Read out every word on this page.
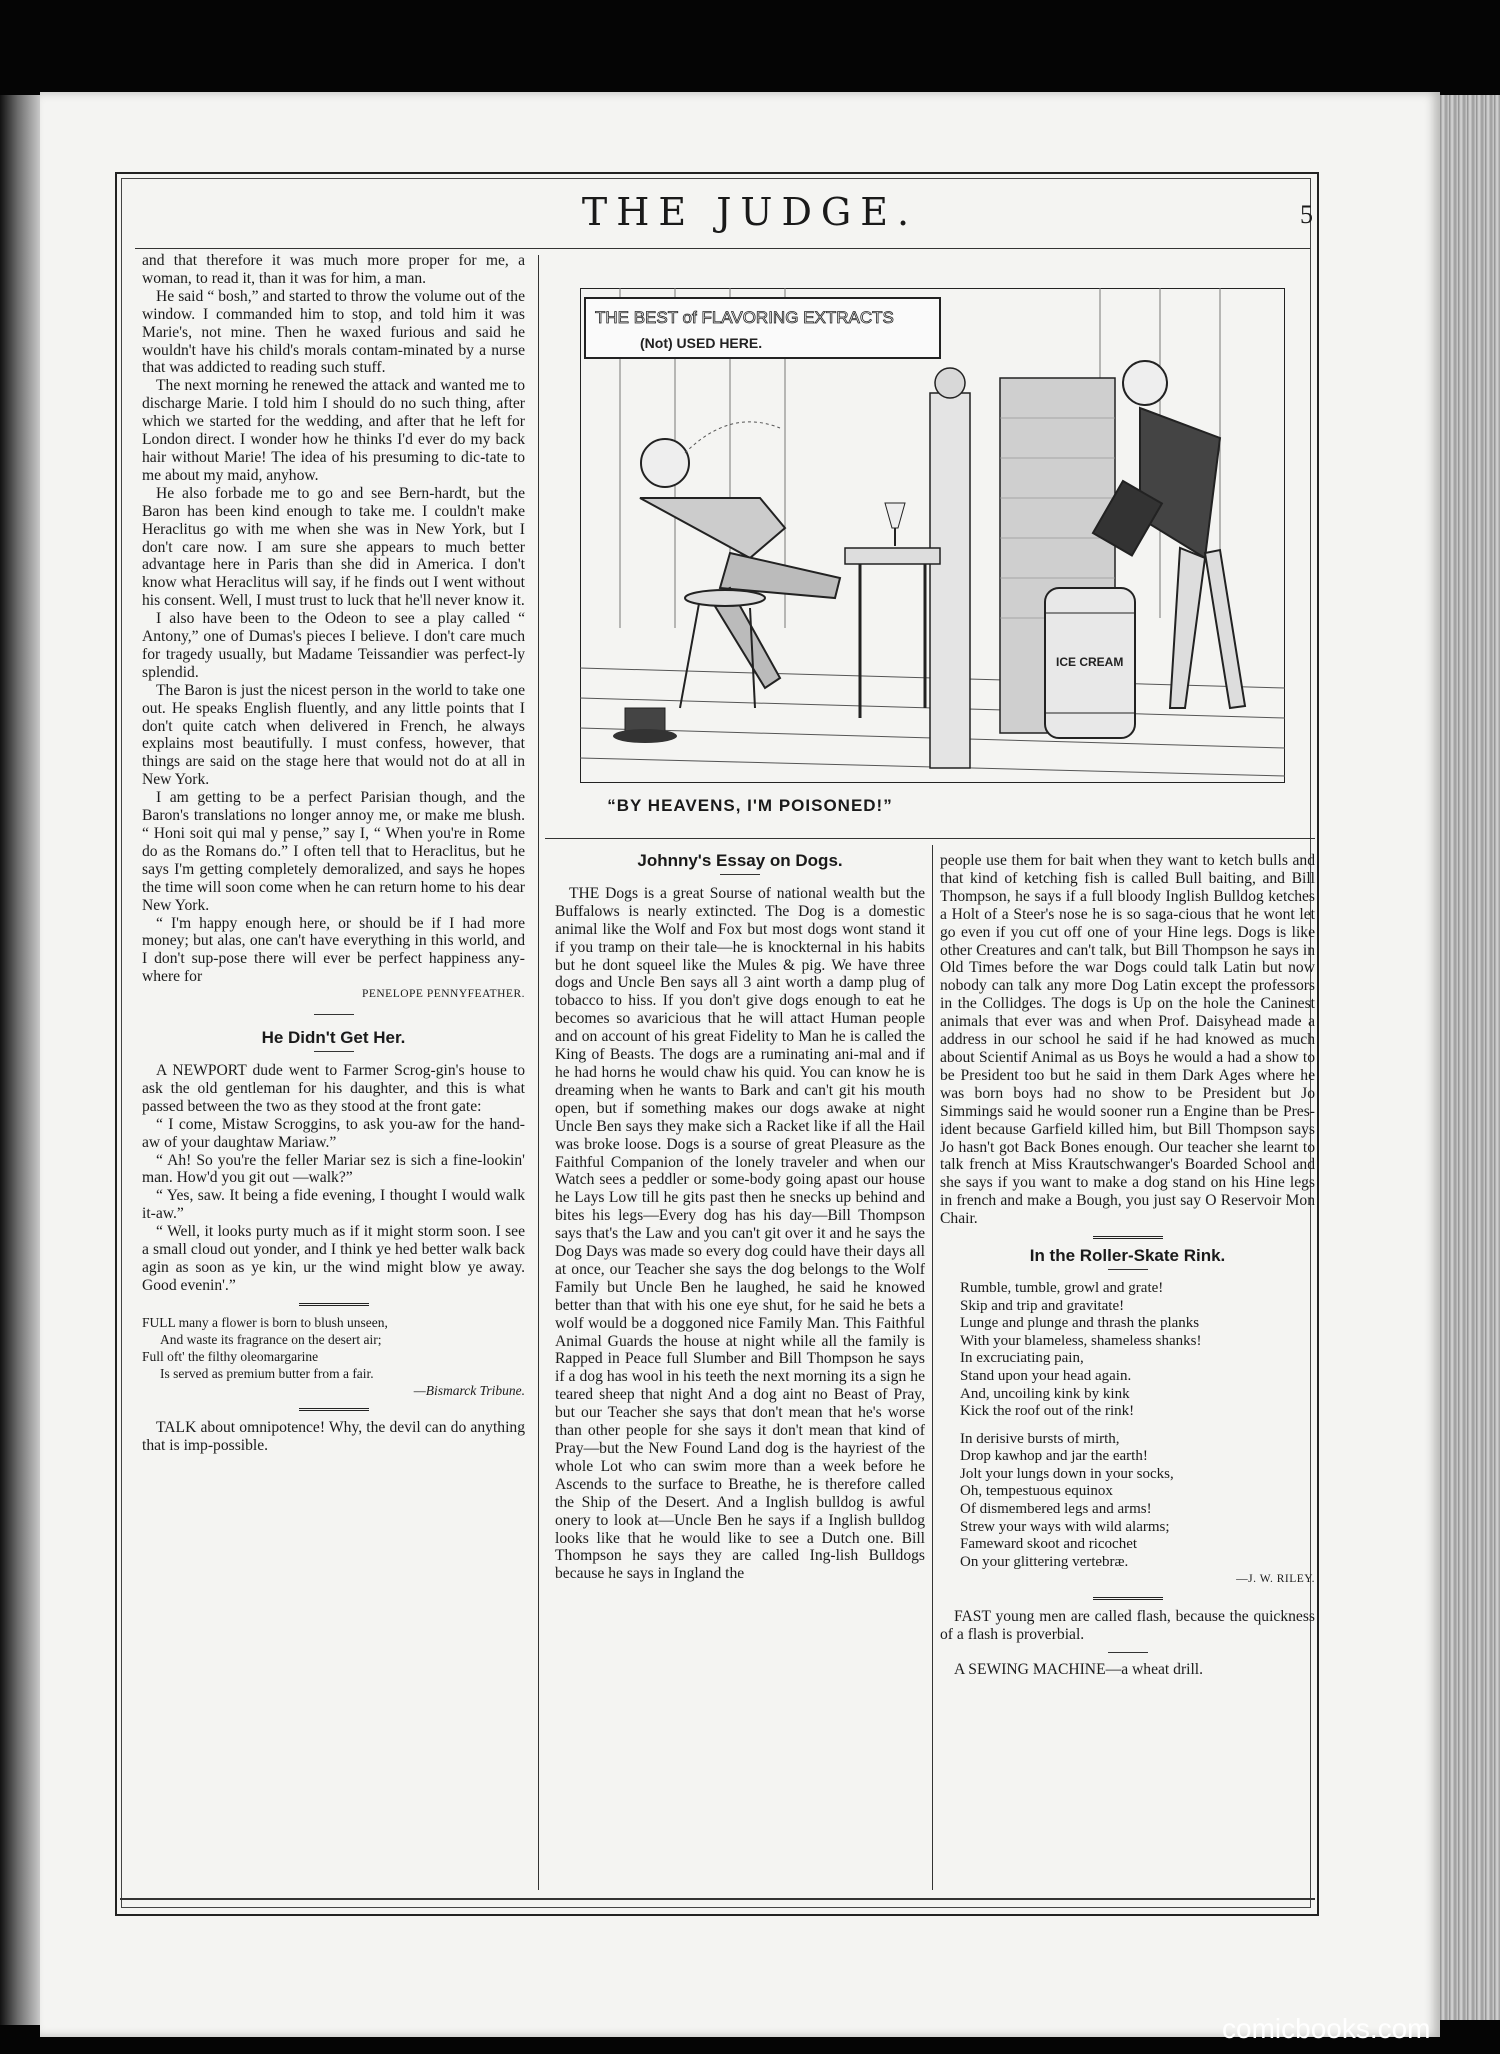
THE JUDGE.	5

and that therefore it was much more proper for me, a woman, to read it, than it was for him, a man.

He said “ bosh,” and started to throw the volume out of the window. I commanded him to stop, and told him it was Marie's, not mine. Then he waxed furious and said he wouldn't have his child's morals contam-minated by a nurse that was addicted to reading such stuff.

The next morning he renewed the attack and wanted me to discharge Marie. I told him I should do no such thing, after which we started for the wedding, and after that he left for London direct. I wonder how he thinks I'd ever do my back hair without Marie! The idea of his presuming to dic-tate to me about my maid, anyhow.

He also forbade me to go and see Bern-hardt, but the Baron has been kind enough to take me. I couldn't make Heraclitus go with me when she was in New York, but I don't care now. I am sure she appears to much better advantage here in Paris than she did in America. I don't know what Heraclitus will say, if he finds out I went without his consent. Well, I must trust to luck that he'll never know it.

I also have been to the Odeon to see a play called “ Antony,” one of Dumas's pieces I believe. I don't care much for tragedy usually, but Madame Teissandier was perfect-ly splendid.

The Baron is just the nicest person in the world to take one out. He speaks English fluently, and any little points that I don't quite catch when delivered in French, he always explains most beautifully. I must confess, however, that things are said on the stage here that would not do at all in New York.

I am getting to be a perfect Parisian though, and the Baron's translations no longer annoy me, or make me blush. “ Honi soit qui mal y pense,” say I, “ When you're in Rome do as the Romans do.” I often tell that to Heraclitus, but he says I'm getting completely demoralized, and says he hopes the time will soon come when he can return home to his dear New York.

“ I'm happy enough here, or should be if I had more money; but alas, one can't have everything in this world, and I don't sup-pose there will ever be perfect happiness any-where for

PENELOPE PENNYFEATHER.
He Didn't Get Her.

A NEWPORT dude went to Farmer Scrog-gin's house to ask the old gentleman for his daughter, and this is what passed between the two as they stood at the front gate:

“ I come, Mistaw Scroggins, to ask you-aw for the hand-aw of your daughtaw Mariaw.”

“ Ah! So you're the feller Mariar sez is sich a fine-lookin' man. How'd you git out —walk?”

“ Yes, saw. It being a fide evening, I thought I would walk it-aw.”

“ Well, it looks purty much as if it might storm soon. I see a small cloud out yonder, and I think ye hed better walk back agin as soon as ye kin, ur the wind might blow ye away. Good evenin'.”

FULL many a flower is born to blush unseen,
And waste its fragrance on the desert air;
Full oft' the filthy oleomargarine
Is served as premium butter from a fair.
—Bismarck Tribune.

TALK about omnipotence! Why, the devil can do anything that is imp-possible.

THE BEST of FLAVORING EXTRACTS
(Not) USED HERE.
ICE CREAM
“BY HEAVENS, I'M POISONED!”
Johnny's Essay on Dogs.

THE Dogs is a great Sourse of national wealth but the Buffalows is nearly extincted. The Dog is a domestic animal like the Wolf and Fox but most dogs wont stand it if you tramp on their tale—he is knockternal in his habits but he dont squeel like the Mules & pig. We have three dogs and Uncle Ben says all 3 aint worth a damp plug of tobacco to hiss. If you don't give dogs enough to eat he becomes so avaricious that he will attact Human people and on account of his great Fidelity to Man he is called the King of Beasts. The dogs are a ruminating ani-mal and if he had horns he would chaw his quid. You can know he is dreaming when he wants to Bark and can't git his mouth open, but if something makes our dogs awake at night Uncle Ben says they make sich a Racket like if all the Hail was broke loose. Dogs is a sourse of great Pleasure as the Faithful Companion of the lonely traveler and when our Watch sees a peddler or some-body going apast our house he Lays Low till he gits past then he snecks up behind and bites his legs—Every dog has his day—Bill Thompson says that's the Law and you can't git over it and he says the Dog Days was made so every dog could have their days all at once, our Teacher she says the dog belongs to the Wolf Family but Uncle Ben he laughed, he said he knowed better than that with his one eye shut, for he said he bets a wolf would be a doggoned nice Family Man. This Faithful Animal Guards the house at night while all the family is Rapped in Peace full Slumber and Bill Thompson he says if a dog has wool in his teeth the next morning its a sign he teared sheep that night And a dog aint no Beast of Pray, but our Teacher she says that don't mean that he's worse than other people for she says it don't mean that kind of Pray—but the New Found Land dog is the hayriest of the whole Lot who can swim more than a week before he Ascends to the surface to Breathe, he is therefore called the Ship of the Desert. And a Inglish bulldog is awful onery to look at—Uncle Ben he says if a Inglish bulldog looks like that he would like to see a Dutch one. Bill Thompson he says they are called Ing-lish Bulldogs because he says in Ingland the

people use them for bait when they want to ketch bulls and that kind of ketching fish is called Bull baiting, and Bill Thompson, he says if a full bloody Inglish Bulldog ketches a Holt of a Steer's nose he is so saga-cious that he wont let go even if you cut off one of your Hine legs. Dogs is like other Creatures and can't talk, but Bill Thompson he says in Old Times before the war Dogs could talk Latin but now nobody can talk any more Dog Latin except the professors in the Collidges. The dogs is Up on the hole the Caninest animals that ever was and when Prof. Daisyhead made a address in our school he said if he had knowed as much about Scientif Animal as us Boys he would a had a show to be President too but he said in them Dark Ages where he was born boys had no show to be President but Jo Simmings said he would sooner run a Engine than be Pres-ident because Garfield killed him, but Bill Thompson says Jo hasn't got Back Bones enough. Our teacher she learnt to talk french at Miss Krautschwanger's Boarded School and she says if you want to make a dog stand on his Hine legs in french and make a Bough, you just say O Reservoir Mon Chair.

In the Roller-Skate Rink.
Rumble, tumble, growl and grate!
Skip and trip and gravitate!
Lunge and plunge and thrash the planks
With your blameless, shameless shanks!
In excruciating pain,
Stand upon your head again.
And, uncoiling kink by kink
Kick the roof out of the rink!
In derisive bursts of mirth,
Drop kawhop and jar the earth!
Jolt your lungs down in your socks,
Oh, tempestuous equinox
Of dismembered legs and arms!
Strew your ways with wild alarms;
Fameward skoot and ricochet
On your glittering vertebræ.
—J. W. RILEY.

FAST young men are called flash, because the quickness of a flash is proverbial.

A SEWING MACHINE—a wheat drill.

comicbooks.com
